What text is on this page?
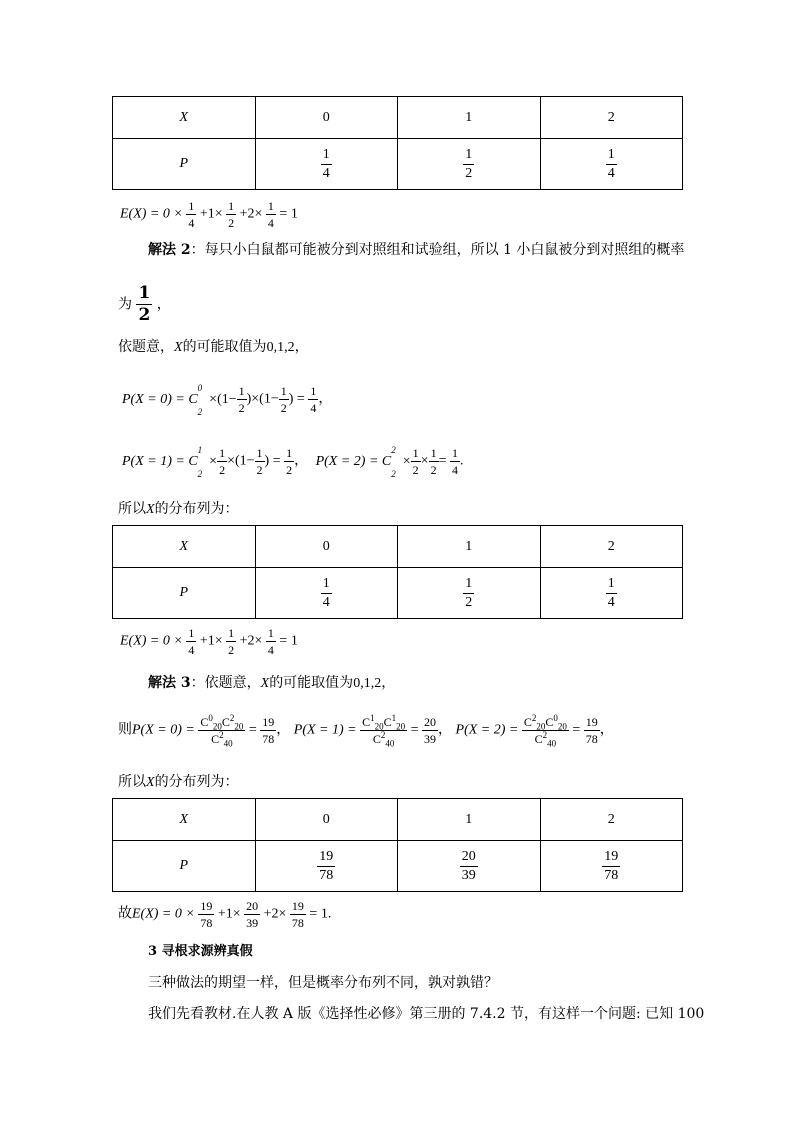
X	0	1	2
P	$\frac{1}{4}$	$\frac{1}{2}$	$\frac{1}{4}$
$E(X) = 0 \times \frac{1}{4} +1\times \frac{1}{2} +2\times \frac{1}{4} = 1$
解法 2：每只小白鼠都可能被分到对照组和试验组，所以 1 小白鼠被分到对照组的概率
为 $\frac{1}{2}$ ，
依题意，X的可能取值为0,1,2，
P(X = 0) = C
0
2
$\times(1- \frac{1}{2} )\times(1- \frac{1}{2}$ ) = $\frac{1}{4}$ ，
P(X = 1) = C
1
2
× $\frac{1}{2} \times(1- \frac{1}{2}$ ) = $\frac{1}{2}$ ， P(X = 2) = C
2
2
× $\frac{1}{2} \times \frac{1}{2} = \frac{1}{4}$ .
所以X的分布列为：
X	0	1	2
P	$\frac{1}{4}$	$\frac{1}{2}$	$\frac{1}{4}$
$E(X) = 0 \times \frac{1}{4} +1\times \frac{1}{2} +2\times \frac{1}{4} = 1$
解法 3：依题意，X的可能取值为0,1,2，
则$P(X = 0) = \frac{C^0_{20}C^2_{20}}{C^2_{40}} = \frac{19}{78}$ ， $P(X = 1) = \frac{C^1_{20}C^1_{20}}{C^2_{40}} = \frac{20}{39}$ ， $P(X = 2) = \frac{C^2_{20}C^0_{20}}{C^2_{40}} = \frac{19}{78}$ ，
所以X的分布列为：
X	0	1	2
P	$\frac{19}{78}$	$\frac{20}{39}$	$\frac{19}{78}$
故$E(X) = 0 \times \frac{19}{78} +1\times \frac{20}{39} +2\times \frac{19}{78} = 1$.
3 寻根求源辨真假
三种做法的期望一样，但是概率分布列不同，孰对孰错？
我们先看教材.在人教 A 版《选择性必修》第三册的 7.4.2 节，有这样一个问题: 已知 100
